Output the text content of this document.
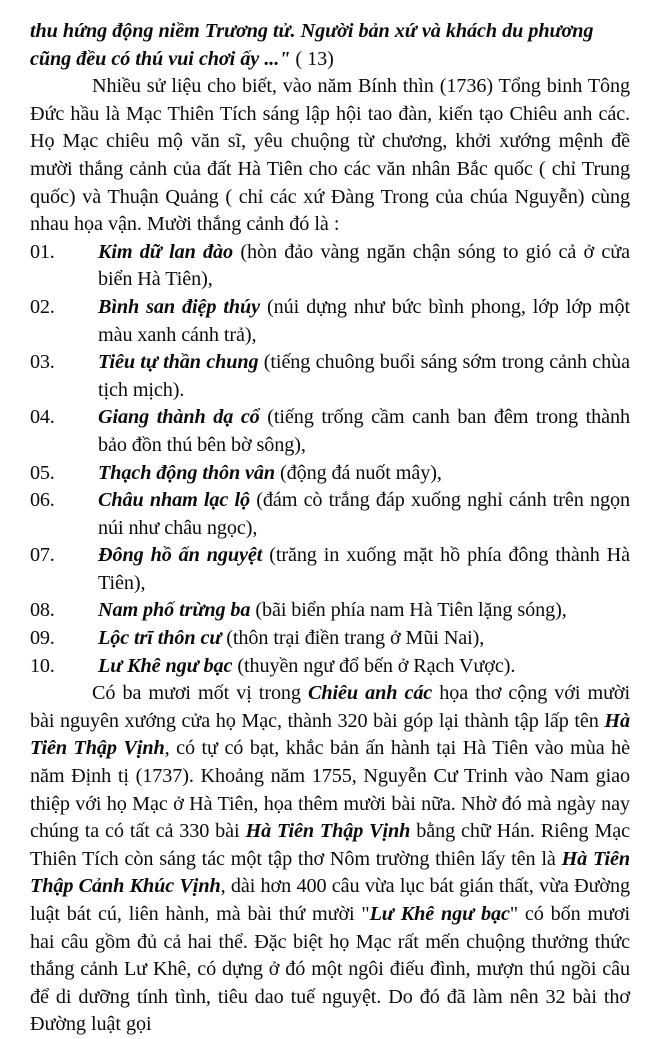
thu hứng động niềm Trương tử. Người bản xứ và khách du phương cũng đều có thú vui chơi ấy ..." ( 13)

Nhiều sử liệu cho biết, vào năm Bính thìn (1736) Tổng binh Tông Đức hầu là Mạc Thiên Tích sáng lập hội tao đàn, kiến tạo Chiêu anh các. Họ Mạc chiêu mộ văn sĩ, yêu chuộng từ chương, khởi xướng mệnh đề mười thắng cảnh của đất Hà Tiên cho các văn nhân Bắc quốc ( chỉ Trung quốc) và Thuận Quảng ( chỉ các xứ Đàng Trong của chúa Nguyễn) cùng nhau họa vận. Mười thắng cảnh đó là :

01.	Kim dữ lan đào (hòn đảo vàng ngăn chận sóng to gió cả ở cửa biển Hà Tiên),
02.	Bình san điệp thúy (núi dựng như bức bình phong, lớp lớp một màu xanh cánh trả),
03.	Tiêu tự thần chung (tiếng chuông buổi sáng sớm trong cảnh chùa tịch mịch).
04.	Giang thành dạ cổ (tiếng trống cầm canh ban đêm trong thành bảo đồn thú bên bờ sông),
05.	Thạch động thôn vân (động đá nuốt mây),
06.	Châu nham lạc lộ (đám cò trắng đáp xuống nghỉ cánh trên ngọn núi như châu ngọc),
07.	Đông hồ ấn nguyệt (trăng in xuống mặt hồ phía đông thành Hà Tiên),
08.	Nam phố trừng ba (bãi biển phía nam Hà Tiên lặng sóng),
09.	Lộc trī thôn cư (thôn trại điền trang ở Mũi Nai),
10.	Lư Khê ngư bạc (thuyền ngư đổ bến ở Rạch Vược).

Có ba mươi mốt vị trong Chiêu anh các họa thơ cộng với mười bài nguyên xướng cửa họ Mạc, thành 320 bài góp lại thành tập lấp tên Hà Tiên Thập Vịnh, có tự có bạt, khắc bản ấn hành tại Hà Tiên vào mùa hè năm Định tị (1737). Khoảng năm 1755, Nguyễn Cư Trinh vào Nam giao thiệp với họ Mạc ở Hà Tiên, họa thêm mười bài nữa. Nhờ đó mà ngày nay chúng ta có tất cả 330 bài Hà Tiên Thập Vịnh bằng chữ Hán. Riêng Mạc Thiên Tích còn sáng tác một tập thơ Nôm trường thiên lấy tên là Hà Tiên Thập Cảnh Khúc Vịnh, dài hơn 400 câu vừa lục bát gián thất, vừa Đường luật bát cú, liên hành, mà bài thứ mười "Lư Khê ngư bạc" có bốn mươi hai câu gồm đủ cả hai thể. Đặc biệt họ Mạc rất mến chuộng thưởng thức thắng cảnh Lư Khê, có dựng ở đó một ngôi điếu đình, mượn thú ngồi câu để di dưỡng tính tình, tiêu dao tuế nguyệt. Do đó đã làm nên 32 bài thơ Đường luật gọi
